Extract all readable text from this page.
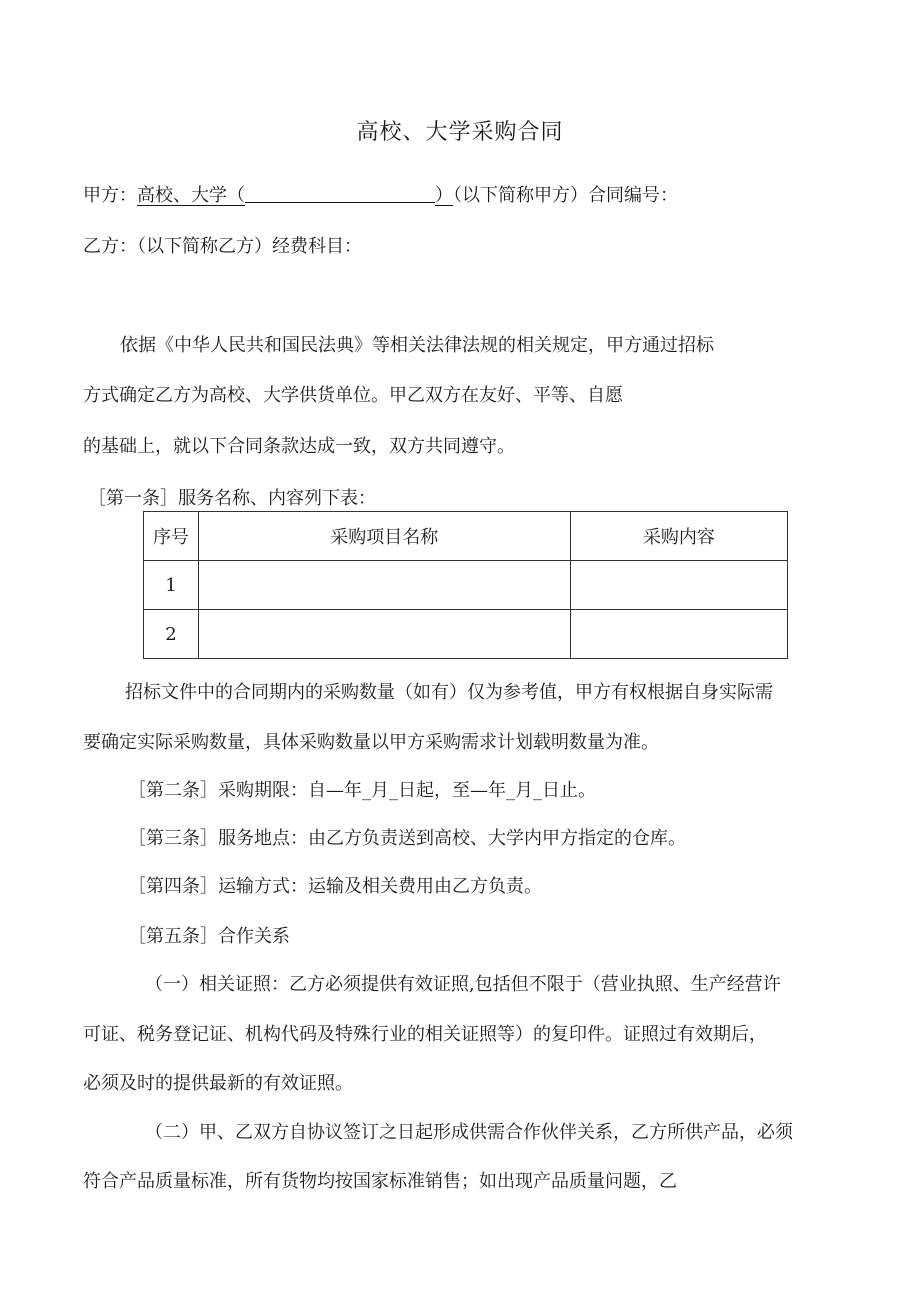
高校、大学采购合同
甲方：高校、大学（	）（以下简称甲方）合同编号：
乙方：（以下简称乙方）经费科目：
依据《中华人民共和国民法典》等相关法律法规的相关规定，甲方通过招标
方式确定乙方为高校、大学供货单位。甲乙双方在友好、平等、自愿
的基础上，就以下合同条款达成一致，双方共同遵守。
［第一条］服务名称、内容列下表：
序号	采购项目名称	采购内容
1		
2		
招标文件中的合同期内的采购数量（如有）仅为参考值，甲方有权根据自身实际需
要确定实际采购数量，具体采购数量以甲方采购需求计划载明数量为准。
［第二条］采购期限：自—年_月_日起，至—年_月_日止。
［第三条］服务地点：由乙方负责送到高校、大学内甲方指定的仓库。
［第四条］运输方式：运输及相关费用由乙方负责。
［第五条］合作关系
（一）相关证照：乙方必须提供有效证照,包括但不限于（营业执照、生产经营许
可证、税务登记证、机构代码及特殊行业的相关证照等）的复印件。证照过有效期后，
必须及时的提供最新的有效证照。
（二）甲、乙双方自协议签订之日起形成供需合作伙伴关系，乙方所供产品，必须
符合产品质量标准，所有货物均按国家标准销售；如出现产品质量问题，乙
